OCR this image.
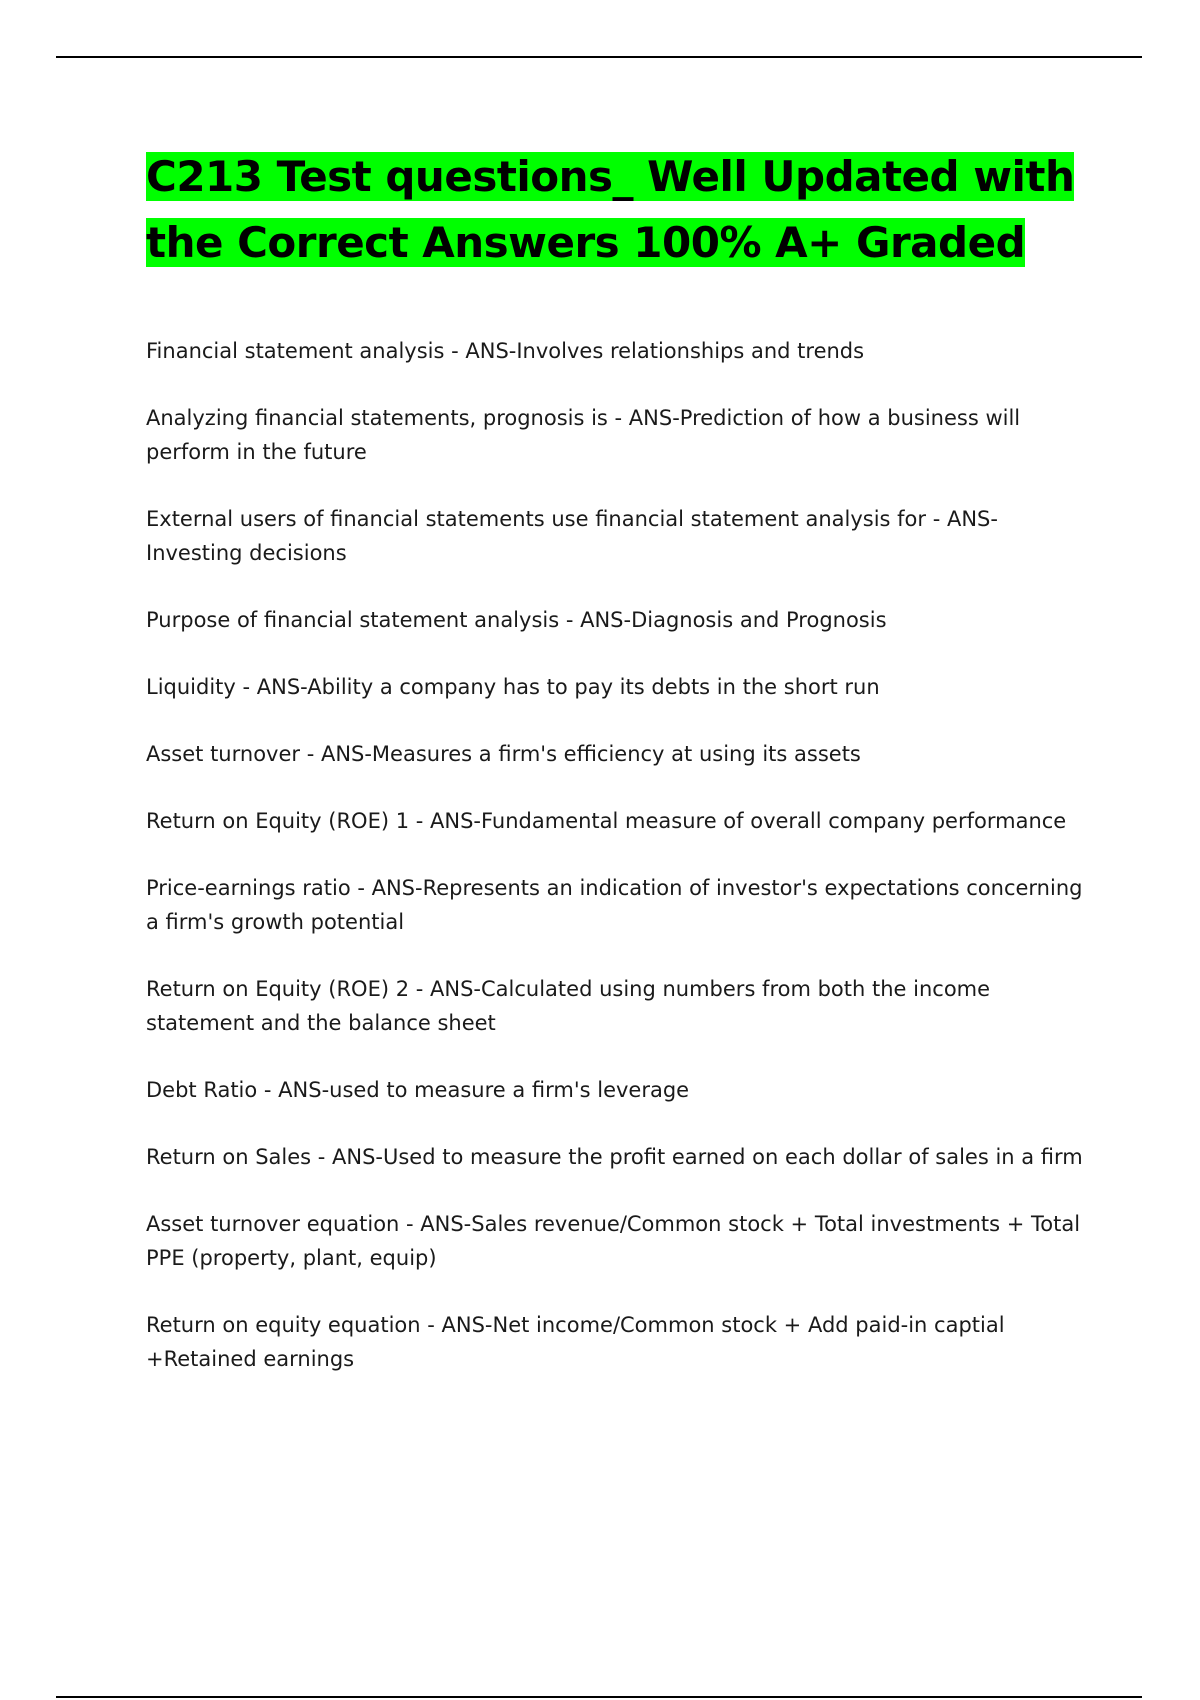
C213 Test questions_ Well Updated with the Correct Answers 100% A+ Graded
Financial statement analysis - ANS-Involves relationships and trends
Analyzing financial statements, prognosis is - ANS-Prediction of how a business will perform in the future
External users of financial statements use financial statement analysis for - ANS-Investing decisions
Purpose of financial statement analysis - ANS-Diagnosis and Prognosis
Liquidity - ANS-Ability a company has to pay its debts in the short run
Asset turnover - ANS-Measures a firm's efficiency at using its assets
Return on Equity (ROE) 1 - ANS-Fundamental measure of overall company performance
Price-earnings ratio - ANS-Represents an indication of investor's expectations concerning a firm's growth potential
Return on Equity (ROE) 2 - ANS-Calculated using numbers from both the income statement and the balance sheet
Debt Ratio - ANS-used to measure a firm's leverage
Return on Sales - ANS-Used to measure the profit earned on each dollar of sales in a firm
Asset turnover equation - ANS-Sales revenue/Common stock + Total investments + Total PPE (property, plant, equip)
Return on equity equation - ANS-Net income/Common stock + Add paid-in captial +Retained earnings
